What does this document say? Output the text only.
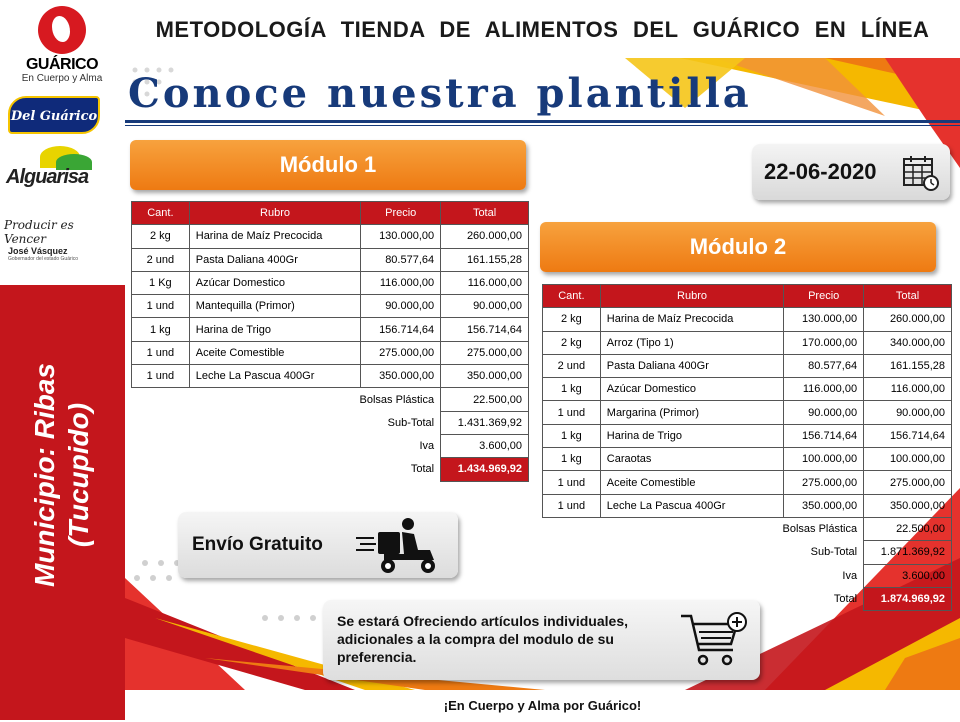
Municipio: Ribas (Tucupido)
GUÁRICO
En Cuerpo y Alma
Del Guárico
Alguarisa
Producir es Vencer
José Vásquez
Gobernador del estado Guárico
METODOLOGÍA TIENDA DE ALIMENTOS DEL GUÁRICO EN LÍNEA
Conoce nuestra plantilla
Módulo 1	22-06-2020
Módulo 2
Cant.	Rubro	Precio	Total
2 kg	Harina de Maíz Precocida	130.000,00	260.000,00
2 und	Pasta Daliana 400Gr	80.577,64	161.155,28
1 Kg	Azúcar Domestico	116.000,00	116.000,00
1 und	Mantequilla (Primor)	90.000,00	90.000,00
1 kg	Harina de Trigo	156.714,64	156.714,64
1 und	Aceite Comestible	275.000,00	275.000,00
1 und	Leche La Pascua 400Gr	350.000,00	350.000,00
	Bolsas Plástica		22.500,00
	Sub-Total		1.431.369,92
	Iva		3.600,00
	Total		1.434.969,92
Cant.	Rubro	Precio	Total
2 kg	Harina de Maíz Precocida	130.000,00	260.000,00
2 kg	Arroz (Tipo 1)	170.000,00	340.000,00
2 und	Pasta Daliana 400Gr	80.577,64	161.155,28
1 kg	Azúcar Domestico	116.000,00	116.000,00
1 und	Margarina (Primor)	90.000,00	90.000,00
1 kg	Harina de Trigo	156.714,64	156.714,64
1 kg	Caraotas	100.000,00	100.000,00
1 und	Aceite Comestible	275.000,00	275.000,00
1 und	Leche La Pascua 400Gr	350.000,00	350.000,00
	Bolsas Plástica		22.500,00
	Sub-Total		1.871.369,92
	Iva		3.600,00
	Total		1.874.969,92
Envío Gratuito
Se estará Ofreciendo artículos individuales, adicionales a la compra del modulo de su preferencia.
¡En Cuerpo y Alma por Guárico!
